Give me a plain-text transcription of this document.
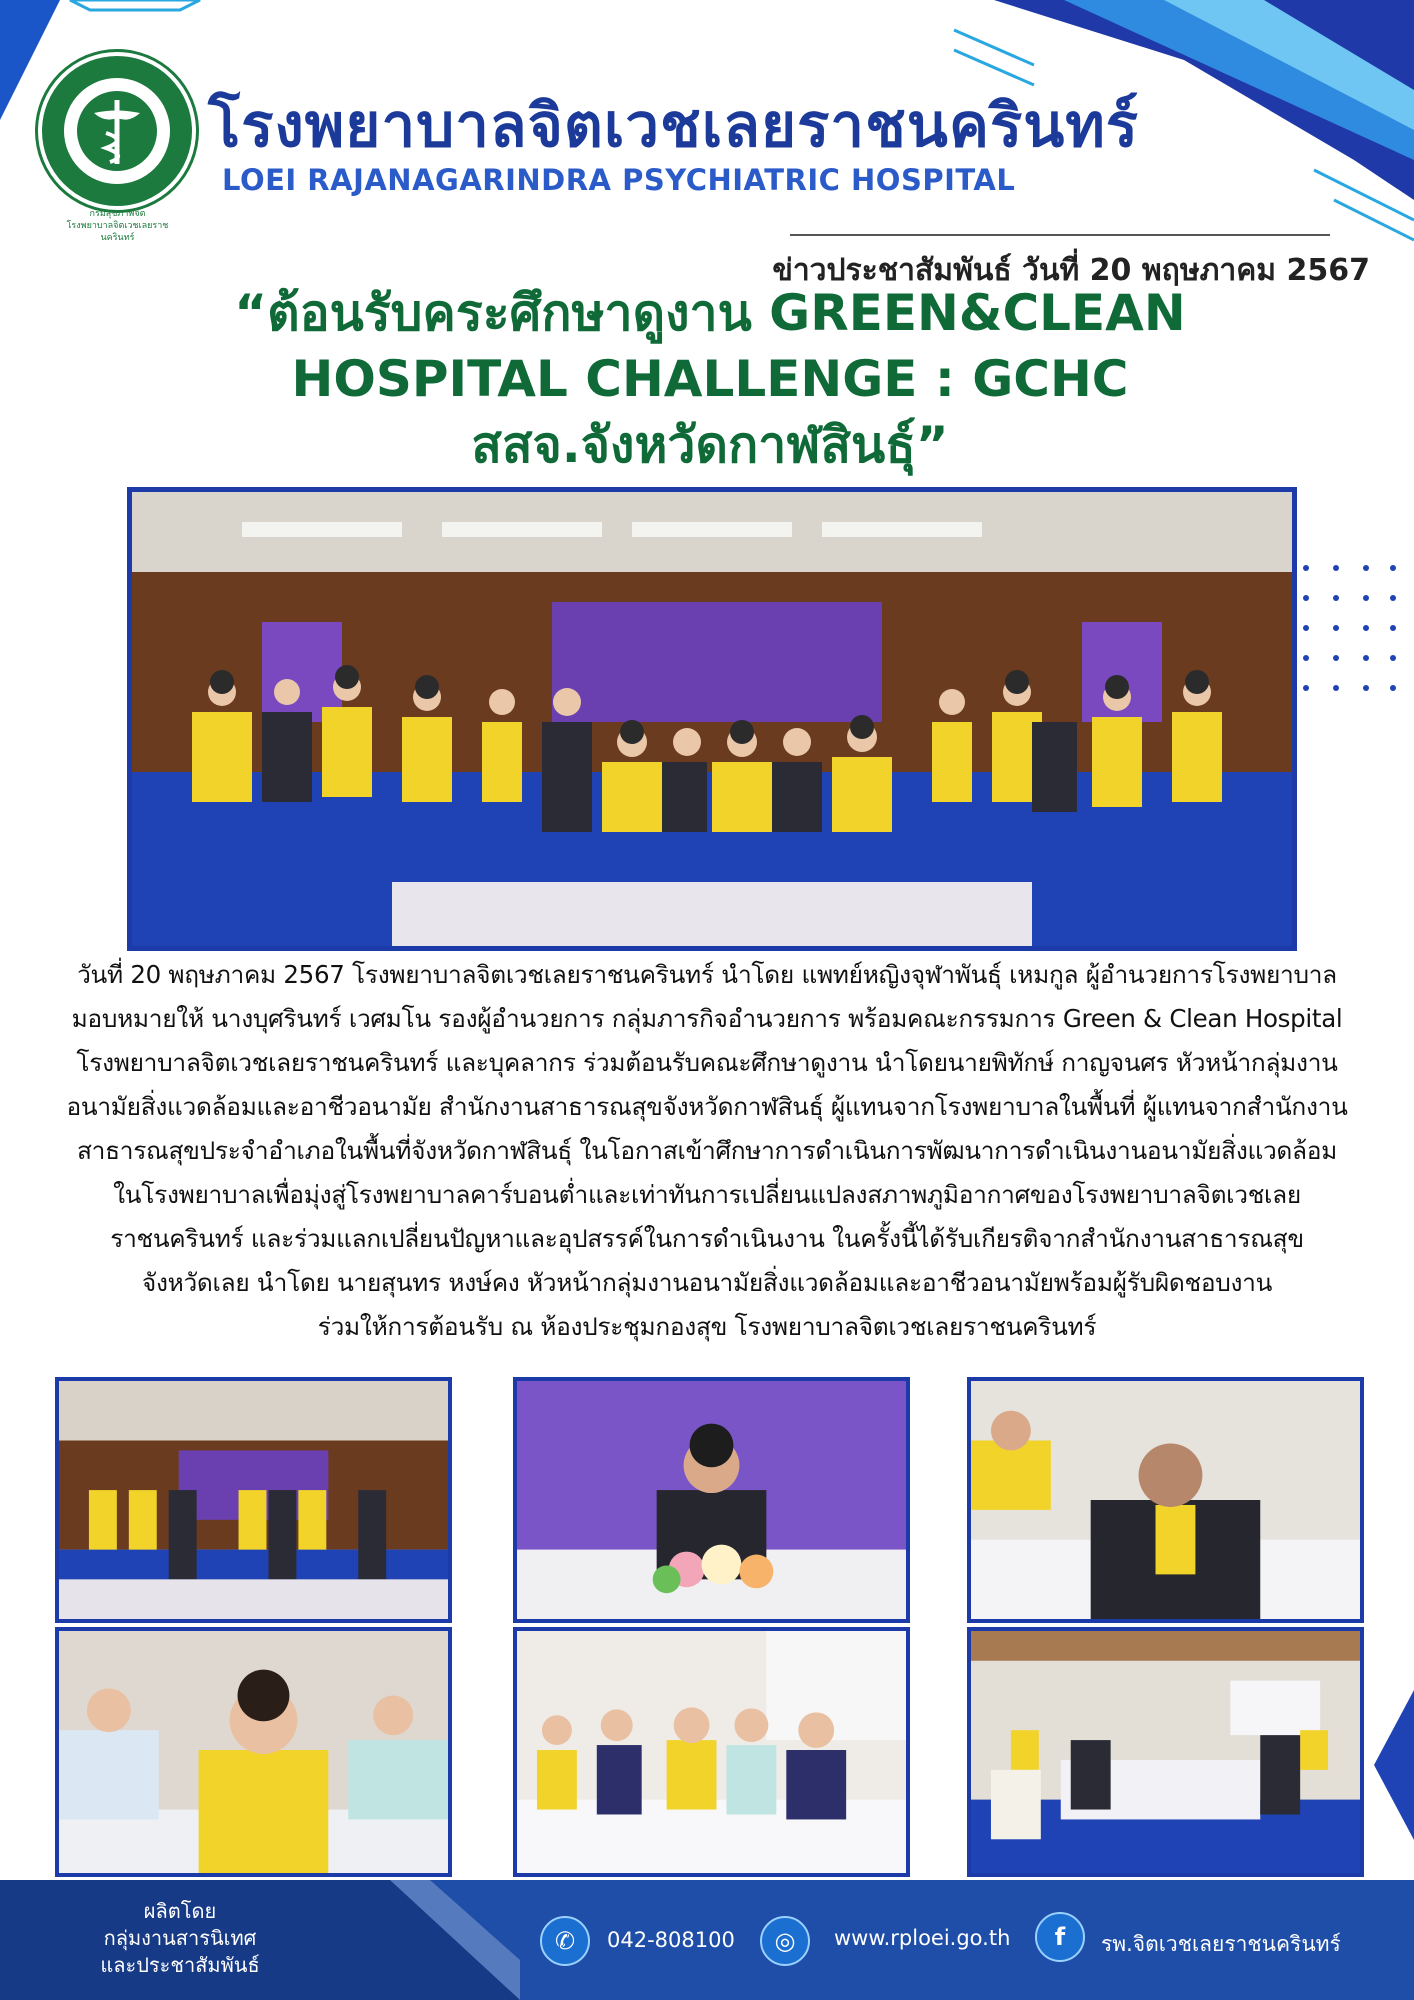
กรมสุขภาพจิต
โรงพยาบาลจิตเวชเลยราชนครินทร์
โรงพยาบาลจิตเวชเลยราชนครินทร์
LOEI RAJANAGARINDRA PSYCHIATRIC HOSPITAL
ข่าวประชาสัมพันธ์ วันที่ 20 พฤษภาคม 2567
“ต้อนรับคระศึกษาดูงาน GREEN&CLEAN
HOSPITAL CHALLENGE : GCHC
สสจ.จังหวัดกาฬสินธุ์”
วันที่ 20 พฤษภาคม 2567 โรงพยาบาลจิตเวชเลยราชนครินทร์ นำโดย แพทย์หญิงจุฬาพันธุ์ เหมกูล ผู้อำนวยการโรงพยาบาล
มอบหมายให้ นางบุศรินทร์ เวศมโน รองผู้อำนวยการ กลุ่มภารกิจอำนวยการ พร้อมคณะกรรมการ Green & Clean Hospital
โรงพยาบาลจิตเวชเลยราชนครินทร์ และบุคลากร ร่วมต้อนรับคณะศึกษาดูงาน นำโดยนายพิทักษ์ กาญจนศร หัวหน้ากลุ่มงาน
อนามัยสิ่งแวดล้อมและอาชีวอนามัย สำนักงานสาธารณสุขจังหวัดกาฬสินธุ์ ผู้แทนจากโรงพยาบาลในพื้นที่ ผู้แทนจากสำนักงาน
สาธารณสุขประจำอำเภอในพื้นที่จังหวัดกาฬสินธุ์ ในโอกาสเข้าศึกษาการดำเนินการพัฒนาการดำเนินงานอนามัยสิ่งแวดล้อม
ในโรงพยาบาลเพื่อมุ่งสู่โรงพยาบาลคาร์บอนต่ำและเท่าทันการเปลี่ยนแปลงสภาพภูมิอากาศของโรงพยาบาลจิตเวชเลย
ราชนครินทร์ และร่วมแลกเปลี่ยนปัญหาและอุปสรรค์ในการดำเนินงาน ในครั้งนี้ได้รับเกียรติจากสำนักงานสาธารณสุข
จังหวัดเลย นำโดย นายสุนทร หงษ์คง หัวหน้ากลุ่มงานอนามัยสิ่งแวดล้อมและอาชีวอนามัยพร้อมผู้รับผิดชอบงาน
ร่วมให้การต้อนรับ ณ ห้องประชุมกองสุข โรงพยาบาลจิตเวชเลยราชนครินทร์
ผลิตโดย
กลุ่มงานสารนิเทศ
และประชาสัมพันธ์
✆	042-808100	◎	www.rploei.go.th	f	รพ.จิตเวชเลยราชนครินทร์
